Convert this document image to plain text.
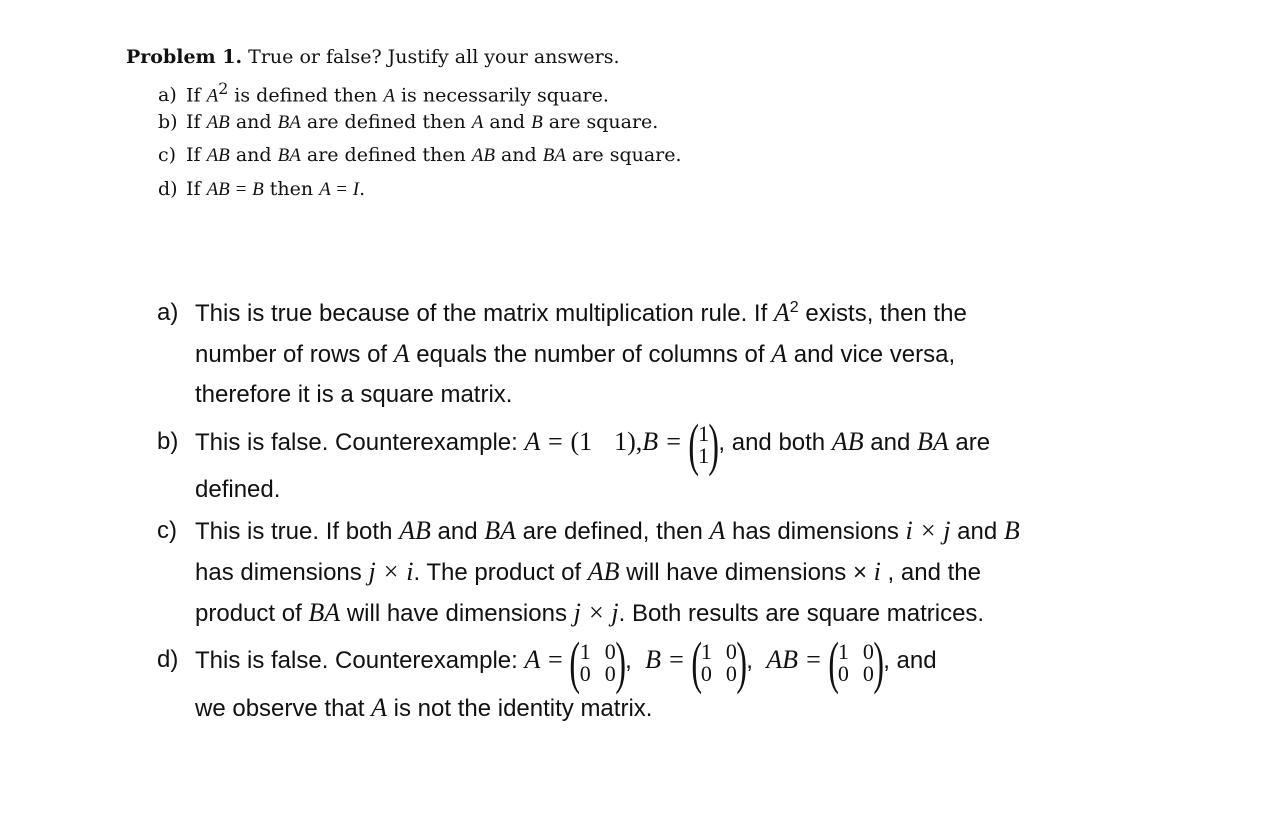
Problem 1. True or false? Justify all your answers.
a) If $A^2$ is defined then A is necessarily square.
b) If AB and BA are defined then A and B are square.
c) If AB and BA are defined then AB and BA are square.
d) If AB = B then A = I.
a) This is true because of the matrix multiplication rule. If $A^2$ exists, then the
number of rows of A equals the number of columns of A and vice versa,
therefore it is a square matrix.
b) This is false. Counterexample: A = (1 1),B = ( 1
1 ), and both AB and BA are
defined.
c) This is true. If both AB and BA are defined, then A has dimensions i × j and B
has dimensions j × i. The product of AB will have dimensions × i , and the
product of BA will have dimensions j × j. Both results are square matrices.
d) This is false. Counterexample: A = ( 1 0
0 0 ), B = ( 1 0
0 0 ), AB = ( 1 0
0 0 ), and
we observe that A is not the identity matrix.
